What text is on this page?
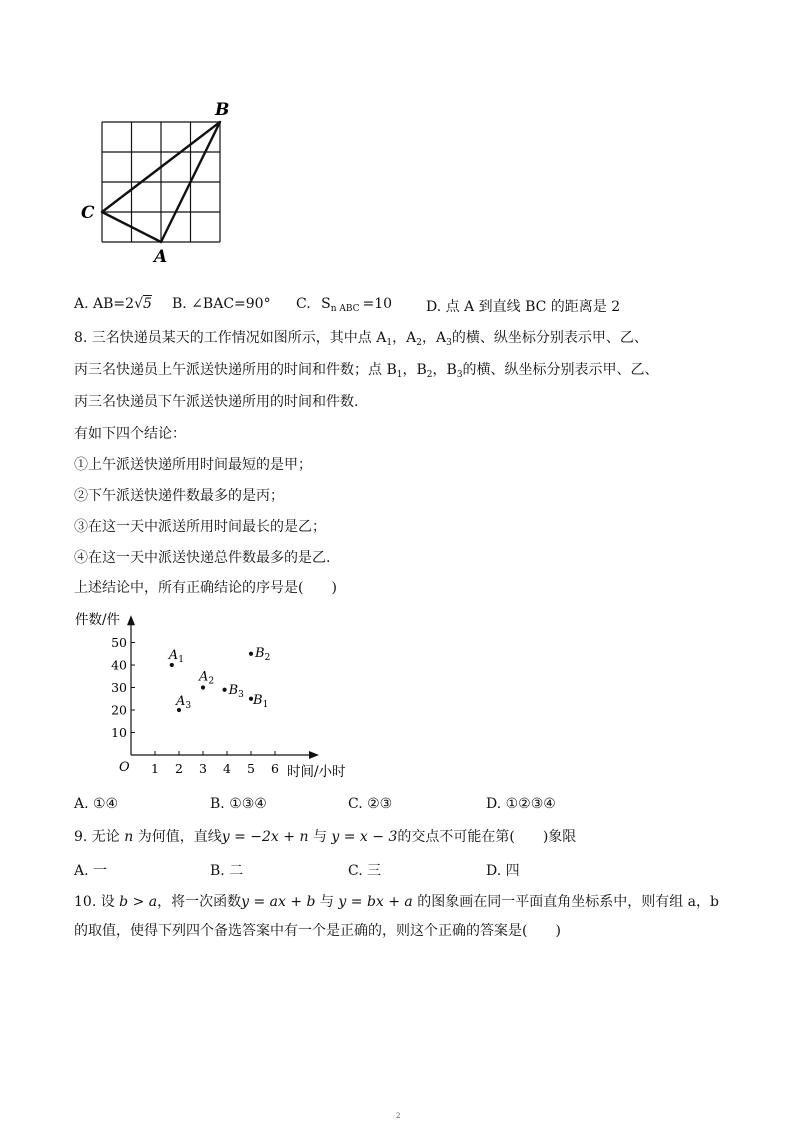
B
C
A
A. AB=2√5 B. ∠BAC=90° C. $S_{n ABC} =10$ D. 点 A 到直线 BC 的距离是 2
8. 三名快递员某天的工作情况如图所示，其中点 $A_1$，$A_2$，$A_3$的横、纵坐标分别表示甲、乙、
丙三名快递员上午派送快递所用的时间和件数；点 $B_1$，$B_2$，$B_3$的横、纵坐标分别表示甲、乙、
丙三名快递员下午派送快递所用的时间和件数.
有如下四个结论：
①上午派送快递所用时间最短的是甲；
②下午派送快递件数最多的是丙；
③在这一天中派送所用时间最长的是乙；
④在这一天中派送快递总件数最多的是乙.
上述结论中，所有正确结论的序号是(　　)
件数/件
时间/小时
O 1 2 3 4 5 6
10
20
30
40
50
$A_1$
$A_2$
$A_3$	$B_1$
$B_2$
$B_3$
A. ①④	B. ①③④	C. ②③	D. ①②③④
9. 无论 n 为何值，直线y = −2x + n 与 y = x − 3的交点不可能在第(　　)象限
A. 一	B. 二	C. 三	D. 四
10. 设 b > a，将一次函数y = ax + b 与 y = bx + a 的图象画在同一平面直角坐标系中，则有组 a，b
的取值，使得下列四个备选答案中有一个是正确的，则这个正确的答案是(　　)
2
